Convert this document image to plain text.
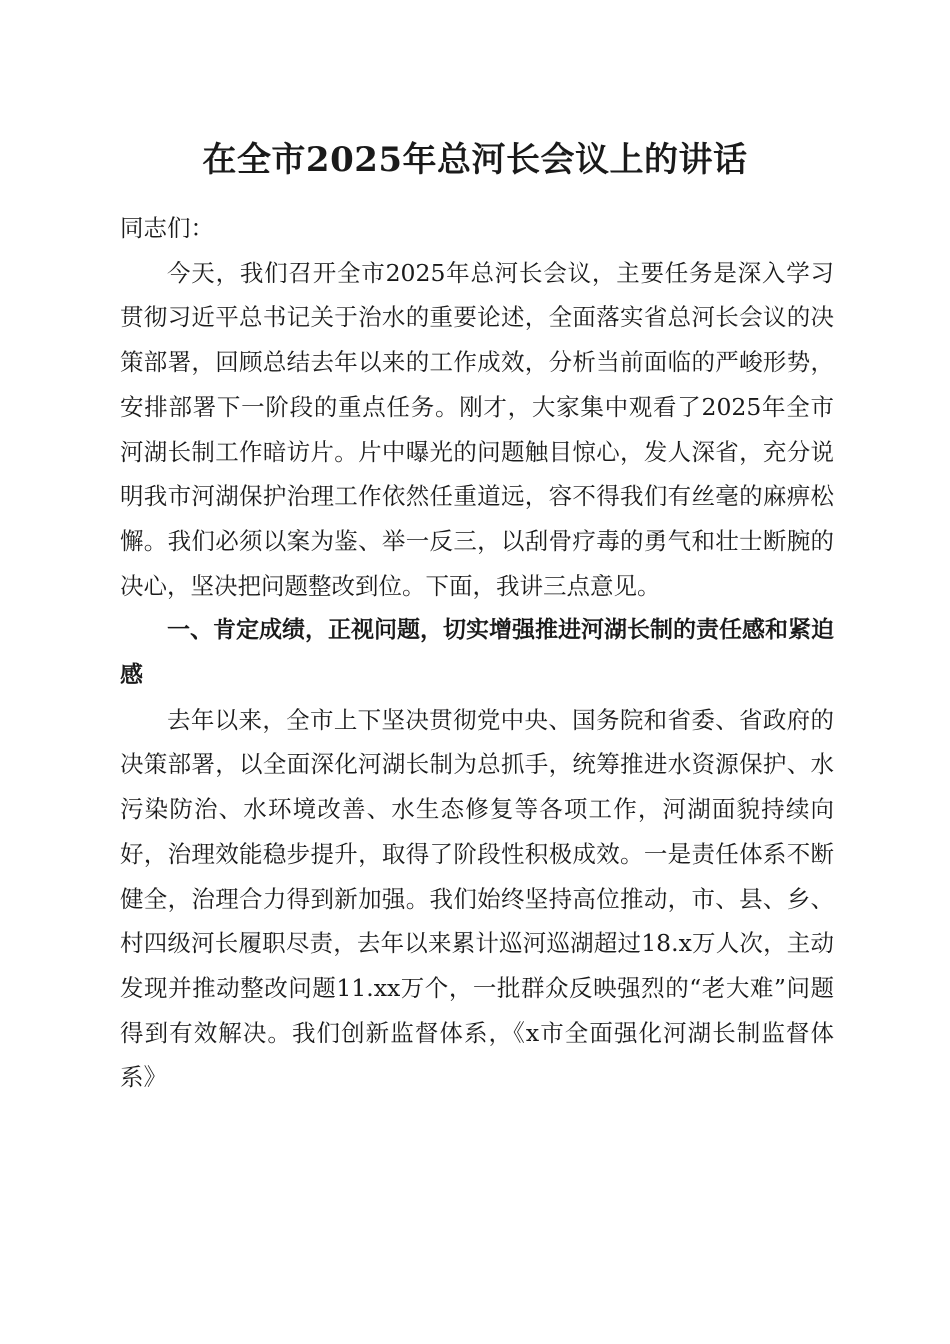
在全市2025年总河长会议上的讲话

同志们：

今天，我们召开全市2025年总河长会议，主要任务是深入学习贯彻习近平总书记关于治水的重要论述，全面落实省总河长会议的决策部署，回顾总结去年以来的工作成效，分析当前面临的严峻形势，安排部署下一阶段的重点任务。刚才，大家集中观看了2025年全市河湖长制工作暗访片。片中曝光的问题触目惊心，发人深省，充分说明我市河湖保护治理工作依然任重道远，容不得我们有丝毫的麻痹松懈。我们必须以案为鉴、举一反三，以刮骨疗毒的勇气和壮士断腕的决心，坚决把问题整改到位。下面，我讲三点意见。

一、肯定成绩，正视问题，切实增强推进河湖长制的责任感和紧迫感

去年以来，全市上下坚决贯彻党中央、国务院和省委、省政府的决策部署，以全面深化河湖长制为总抓手，统筹推进水资源保护、水污染防治、水环境改善、水生态修复等各项工作，河湖面貌持续向好，治理效能稳步提升，取得了阶段性积极成效。一是责任体系不断健全，治理合力得到新加强。我们始终坚持高位推动，市、县、乡、村四级河长履职尽责，去年以来累计巡河巡湖超过18.x万人次，主动发现并推动整改问题11.xx万个，一批群众反映强烈的“老大难”问题得到有效解决。我们创新监督体系，《x市全面强化河湖长制监督体系》
